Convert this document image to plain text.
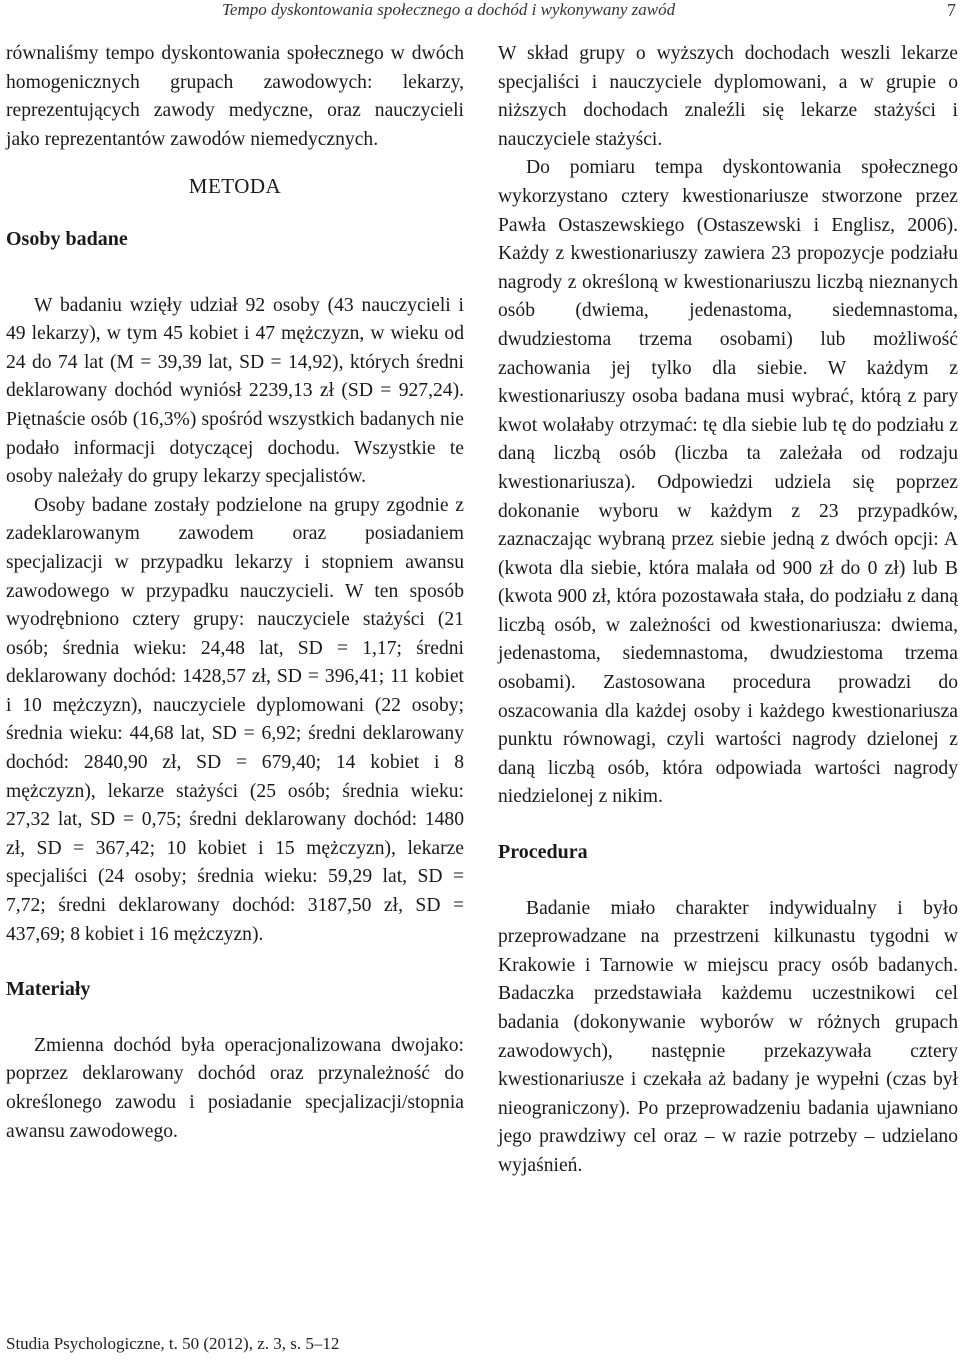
Tempo dyskontowania społecznego a dochód i wykonywany zawód	7

równaliśmy tempo dyskontowania społecznego w dwóch homogenicznych grupach zawodowych: lekarzy, reprezentujących zawody medyczne, oraz nauczycieli jako reprezentantów zawodów niemedycznych.

METODA
Osoby badane

W badaniu wzięły udział 92 osoby (43 nauczycieli i 49 lekarzy), w tym 45 kobiet i 47 mężczyzn, w wieku od 24 do 74 lat (M = 39,39 lat, SD = 14,92), których średni deklarowany dochód wyniósł 2239,13 zł (SD = 927,24). Piętnaście osób (16,3%) spośród wszystkich badanych nie podało informacji dotyczącej dochodu. Wszystkie te osoby należały do grupy lekarzy specjalistów.

Osoby badane zostały podzielone na grupy zgodnie z zadeklarowanym zawodem oraz posiadaniem specjalizacji w przypadku lekarzy i stopniem awansu zawodowego w przypadku nauczycieli. W ten sposób wyodrębniono cztery grupy: nauczyciele stażyści (21 osób; średnia wieku: 24,48 lat, SD = 1,17; średni deklarowany dochód: 1428,57 zł, SD = 396,41; 11 kobiet i 10 mężczyzn), nauczyciele dyplomowani (22 osoby; średnia wieku: 44,68 lat, SD = 6,92; średni deklarowany dochód: 2840,90 zł, SD = 679,40; 14 kobiet i 8 mężczyzn), lekarze stażyści (25 osób; średnia wieku: 27,32 lat, SD = 0,75; średni deklarowany dochód: 1480 zł, SD = 367,42; 10 kobiet i 15 mężczyzn), lekarze specjaliści (24 osoby; średnia wieku: 59,29 lat, SD = 7,72; średni deklarowany dochód: 3187,50 zł, SD = 437,69; 8 kobiet i 16 mężczyzn).

Materiały

Zmienna dochód była operacjonalizowana dwojako: poprzez deklarowany dochód oraz przynależność do określonego zawodu i posiadanie specjalizacji/stopnia awansu zawodowego.

W skład grupy o wyższych dochodach weszli lekarze specjaliści i nauczyciele dyplomowani, a w grupie o niższych dochodach znaleźli się lekarze stażyści i nauczyciele stażyści.

Do pomiaru tempa dyskontowania społecznego wykorzystano cztery kwestionariusze stworzone przez Pawła Ostaszewskiego (Ostaszewski i Englisz, 2006). Każdy z kwestionariuszy zawiera 23 propozycje podziału nagrody z określoną w kwestionariuszu liczbą nieznanych osób (dwiema, jedenastoma, siedemnastoma, dwudziestoma trzema osobami) lub możliwość zachowania jej tylko dla siebie. W każdym z kwestionariuszy osoba badana musi wybrać, którą z pary kwot wolałaby otrzymać: tę dla siebie lub tę do podziału z daną liczbą osób (liczba ta zależała od rodzaju kwestionariusza). Odpowiedzi udziela się poprzez dokonanie wyboru w każdym z 23 przypadków, zaznaczając wybraną przez siebie jedną z dwóch opcji: A (kwota dla siebie, która malała od 900 zł do 0 zł) lub B (kwota 900 zł, która pozostawała stała, do podziału z daną liczbą osób, w zależności od kwestionariusza: dwiema, jedenastoma, siedemnastoma, dwudziestoma trzema osobami). Zastosowana procedura prowadzi do oszacowania dla każdej osoby i każdego kwestionariusza punktu równowagi, czyli wartości nagrody dzielonej z daną liczbą osób, która odpowiada wartości nagrody niedzielonej z nikim.

Procedura

Badanie miało charakter indywidualny i było przeprowadzane na przestrzeni kilkunastu tygodni w Krakowie i Tarnowie w miejscu pracy osób badanych. Badaczka przedstawiała każdemu uczestnikowi cel badania (dokonywanie wyborów w różnych grupach zawodowych), następnie przekazywała cztery kwestionariusze i czekała aż badany je wypełni (czas był nieograniczony). Po przeprowadzeniu badania ujawniano jego prawdziwy cel oraz – w razie potrzeby – udzielano wyjaśnień.

Studia Psychologiczne, t. 50 (2012), z. 3, s. 5–12
